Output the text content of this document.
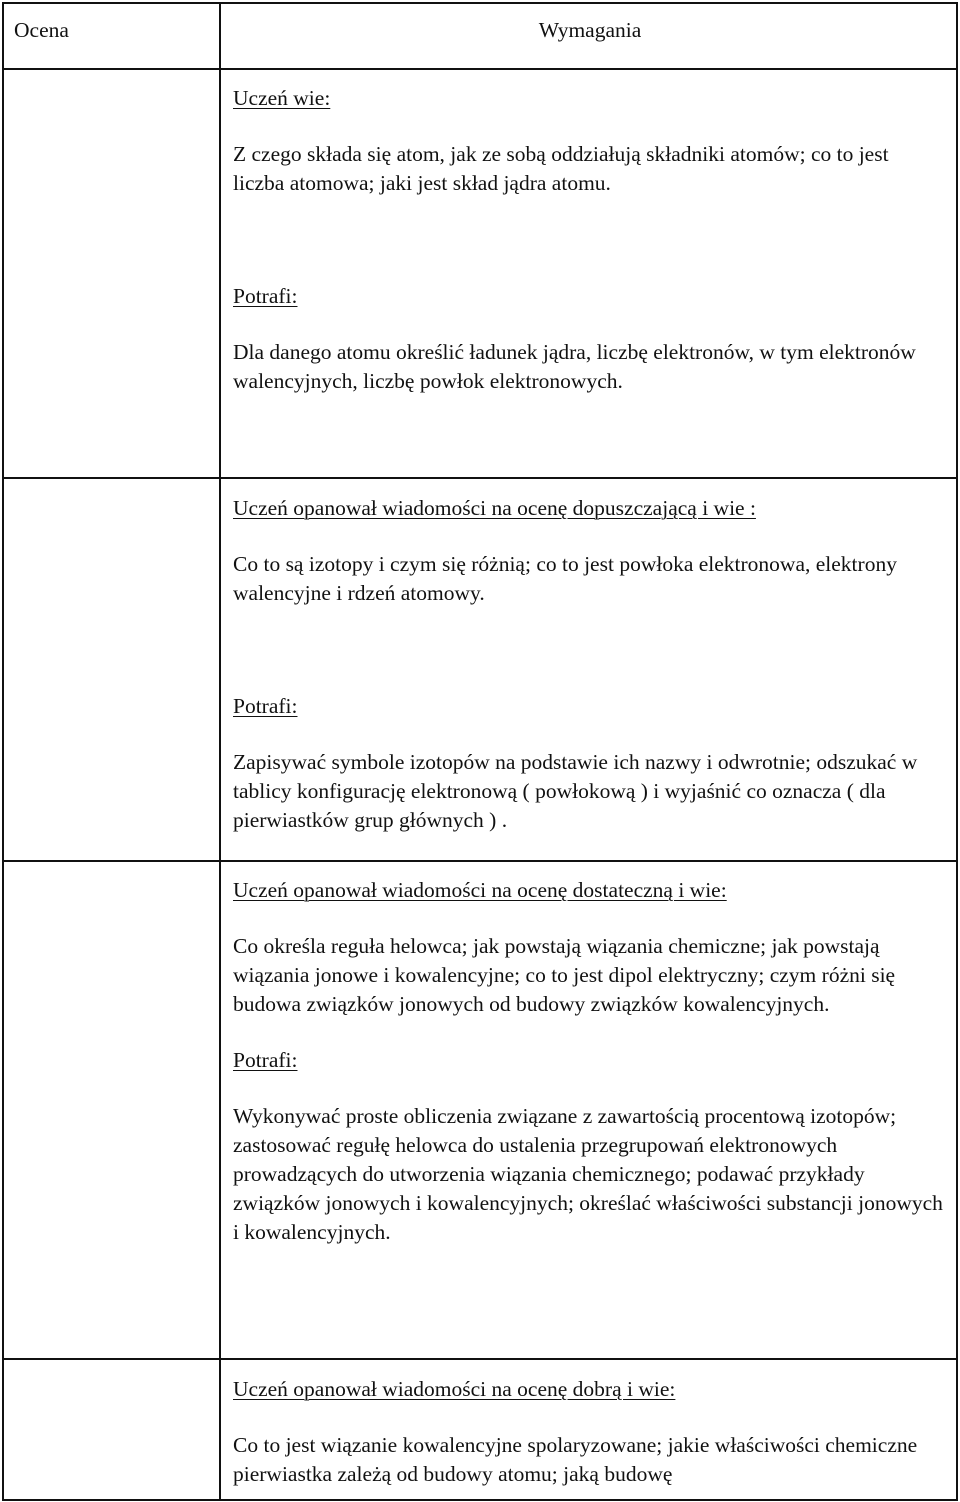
Ocena	Wymagania

Uczeń wie:

Z czego składa się atom, jak ze sobą oddziałują składniki atomów; co to jest liczba atomowa; jaki jest skład jądra atomu.

Potrafi:

Dla danego atomu określić ładunek jądra, liczbę elektronów, w tym elektronów walencyjnych, liczbę powłok elektronowych.

Uczeń opanował wiadomości na ocenę dopuszczającą i wie :

Co to są izotopy i czym się różnią; co to jest powłoka elektronowa, elektrony walencyjne i rdzeń atomowy.

Potrafi:

Zapisywać symbole izotopów na podstawie ich nazwy i odwrotnie; odszukać w tablicy konfigurację elektronową ( powłokową ) i wyjaśnić co oznacza ( dla pierwiastków grup głównych ) .

Uczeń opanował wiadomości na ocenę dostateczną i wie:

Co określa reguła helowca; jak powstają wiązania chemiczne; jak powstają wiązania jonowe i kowalencyjne; co to jest dipol elektryczny; czym różni się budowa związków jonowych od budowy związków kowalencyjnych.

Potrafi:

Wykonywać proste obliczenia związane z zawartością procentową izotopów; zastosować regułę helowca do ustalenia przegrupowań elektronowych prowadzących do utworzenia wiązania chemicznego; podawać przykłady związków jonowych i kowalencyjnych; określać właściwości substancji jonowych i kowalencyjnych.

Uczeń opanował wiadomości na ocenę dobrą i wie:

Co to jest wiązanie kowalencyjne spolaryzowane; jakie właściwości chemiczne pierwiastka zależą od budowy atomu; jaką budowę
